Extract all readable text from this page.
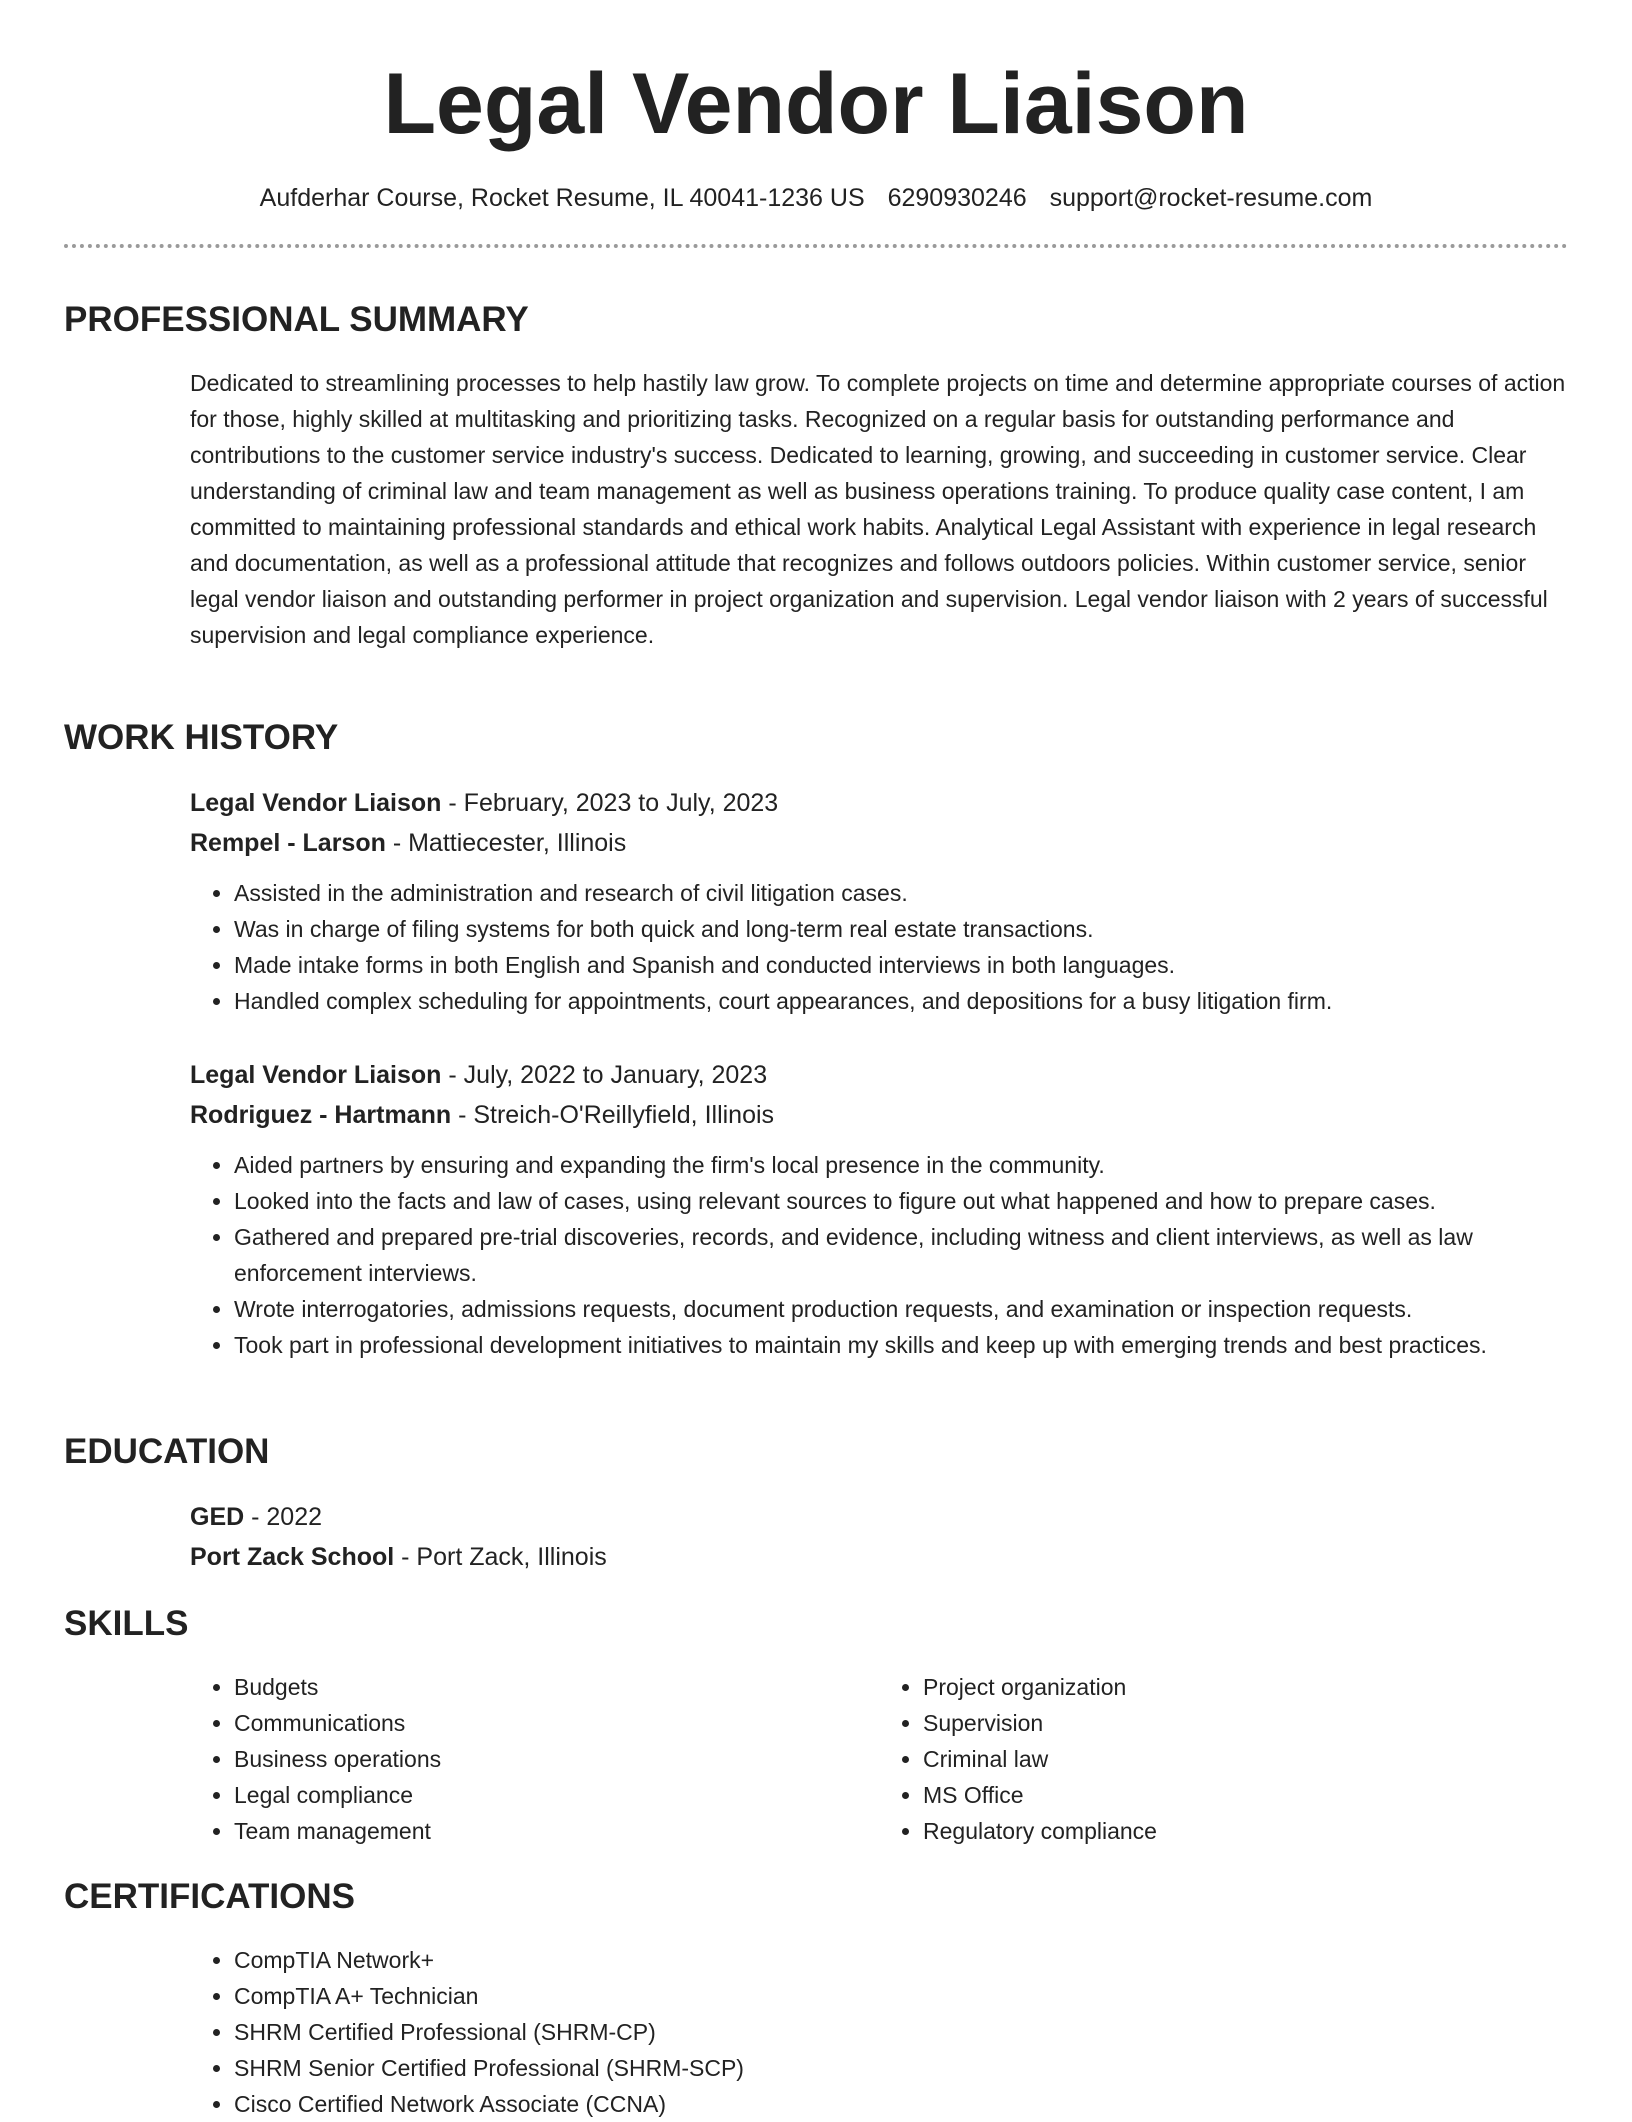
Legal Vendor Liaison
Aufderhar Course, Rocket Resume, IL 40041-1236 US 6290930246 support@rocket-resume.com
PROFESSIONAL SUMMARY

Dedicated to streamlining processes to help hastily law grow. To complete projects on time and determine appropriate courses of action for those, highly skilled at multitasking and prioritizing tasks. Recognized on a regular basis for outstanding performance and contributions to the customer service industry's success. Dedicated to learning, growing, and succeeding in customer service. Clear understanding of criminal law and team management as well as business operations training. To produce quality case content, I am committed to maintaining professional standards and ethical work habits. Analytical Legal Assistant with experience in legal research and documentation, as well as a professional attitude that recognizes and follows outdoors policies. Within customer service, senior legal vendor liaison and outstanding performer in project organization and supervision. Legal vendor liaison with 2 years of successful supervision and legal compliance experience.

WORK HISTORY

Legal Vendor Liaison - February, 2023 to July, 2023

Rempel - Larson - Mattiecester, Illinois

• Assisted in the administration and research of civil litigation cases.
• Was in charge of filing systems for both quick and long-term real estate transactions.
• Made intake forms in both English and Spanish and conducted interviews in both languages.
• Handled complex scheduling for appointments, court appearances, and depositions for a busy litigation firm.

Legal Vendor Liaison - July, 2022 to January, 2023

Rodriguez - Hartmann - Streich-O'Reillyfield, Illinois

• Aided partners by ensuring and expanding the firm's local presence in the community.
• Looked into the facts and law of cases, using relevant sources to figure out what happened and how to prepare cases.
• Gathered and prepared pre-trial discoveries, records, and evidence, including witness and client interviews, as well as law enforcement interviews.
• Wrote interrogatories, admissions requests, document production requests, and examination or inspection requests.
• Took part in professional development initiatives to maintain my skills and keep up with emerging trends and best practices.
EDUCATION

GED - 2022

Port Zack School - Port Zack, Illinois

SKILLS
• Budgets
• Communications
• Business operations
• Legal compliance
• Team management
• Project organization
• Supervision
• Criminal law
• MS Office
• Regulatory compliance
CERTIFICATIONS
• CompTIA Network+
• CompTIA A+ Technician
• SHRM Certified Professional (SHRM-CP)
• SHRM Senior Certified Professional (SHRM-SCP)
• Cisco Certified Network Associate (CCNA)
